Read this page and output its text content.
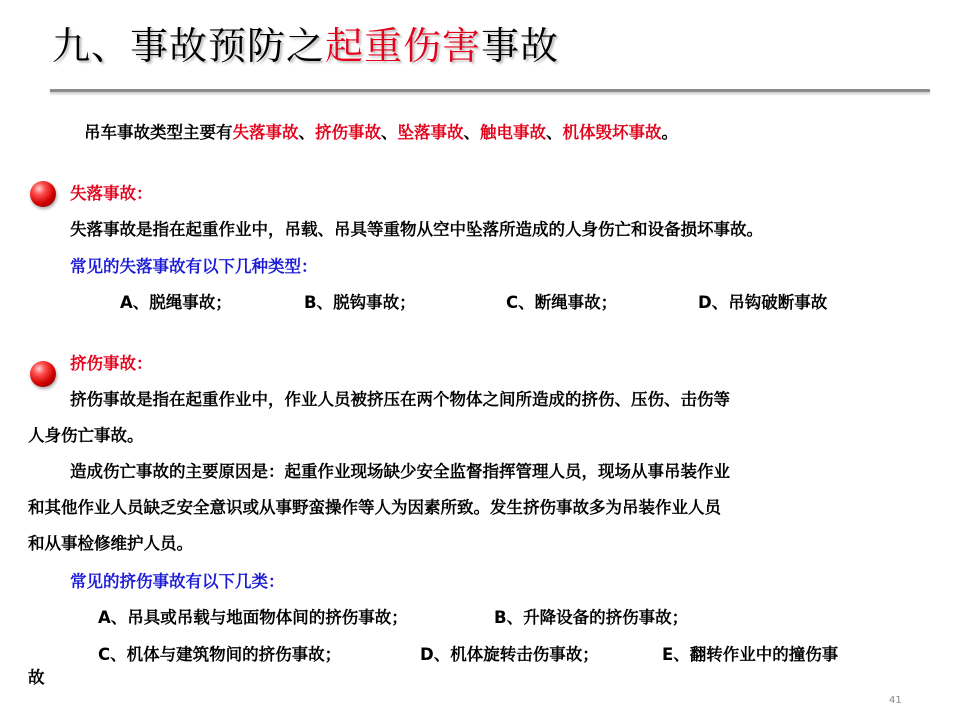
九、事故预防之起重伤害事故
吊车事故类型主要有失落事故、挤伤事故、坠落事故、触电事故、机体毁坏事故。
失落事故：
失落事故是指在起重作业中，吊载、吊具等重物从空中坠落所造成的人身伤亡和设备损坏事故。
常见的失落事故有以下几种类型：
A、脱绳事故；	B、脱钩事故；	C、断绳事故；	D、吊钩破断事故
挤伤事故：
挤伤事故是指在起重作业中，作业人员被挤压在两个物体之间所造成的挤伤、压伤、击伤等
人身伤亡事故。
造成伤亡事故的主要原因是：起重作业现场缺少安全监督指挥管理人员，现场从事吊装作业
和其他作业人员缺乏安全意识或从事野蛮操作等人为因素所致。发生挤伤事故多为吊装作业人员
和从事检修维护人员。
常见的挤伤事故有以下几类：
A、吊具或吊载与地面物体间的挤伤事故；	B、升降设备的挤伤事故；
C、机体与建筑物间的挤伤事故；	D、机体旋转击伤事故；	E、翻转作业中的撞伤事
故
41
